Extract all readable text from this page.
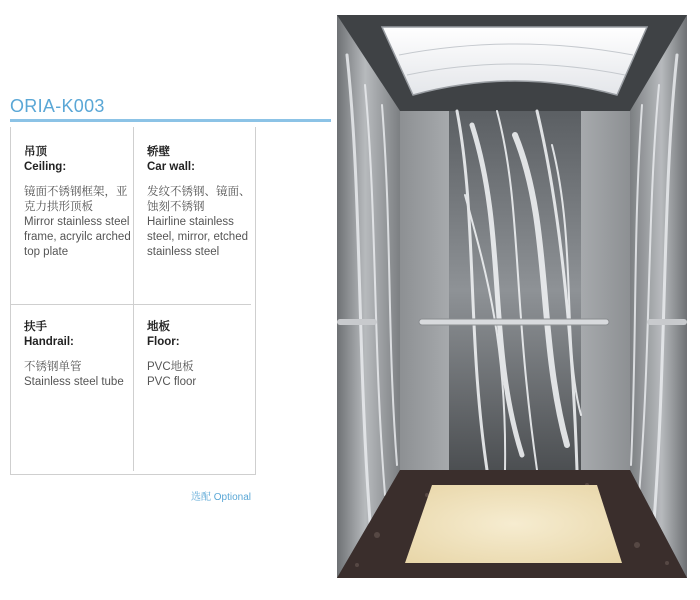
ORIA-K003
吊顶
Ceiling:
镜面不锈钢框架，亚克力拱形顶板
Mirror stainless steel frame, acryilc arched top plate
轿壁
Car wall:
发纹不锈钢、镜面、蚀刻不锈钢
Hairline stainless steel, mirror, etched stainless steel
扶手
Handrail:
不锈钢单管
Stainless steel tube
地板
Floor:
PVC地板
PVC floor
选配 Optional
